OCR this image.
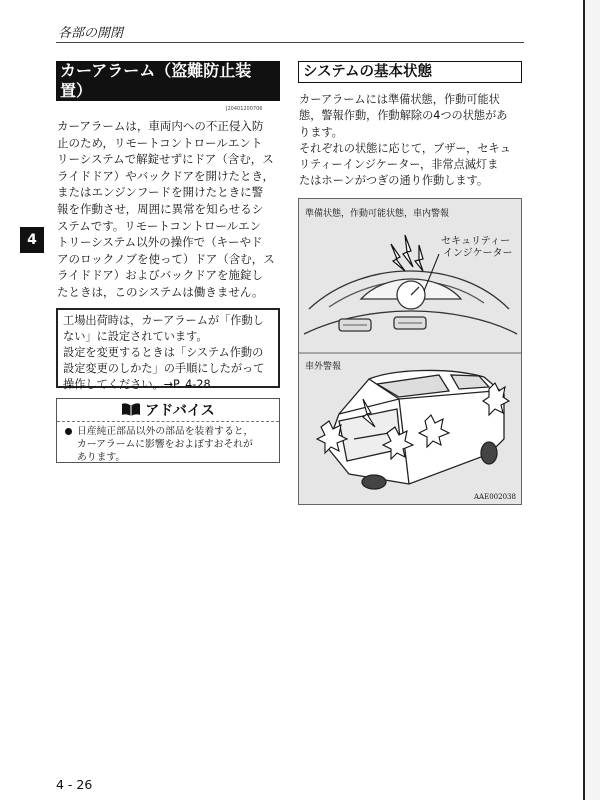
各部の開閉
4
カーアラーム（盗難防止装
置）
J20401200706
カーアラームは，車両内への不正侵入防
止のため，リモートコントロールエント
リーシステムで解錠せずにドア（含む，ス
ライドドア）やバックドアを開けたとき，
またはエンジンフードを開けたときに警
報を作動させ，周囲に異常を知らせるシ
ステムです。リモートコントロールエン
トリーシステム以外の操作で（キーやド
アのロックノブを使って）ドア（含む，ス
ライドドア）およびバックドアを施錠し
たときは，このシステムは働きません。
工場出荷時は，カーアラームが「作動し
ない」に設定されています。
設定を変更するときは「システム作動の
設定変更のしかた」の手順にしたがって
操作してください。→P. 4-28
アドバイス
日産純正部品以外の部品を装着すると，
カーアラームに影響をおよぼすおそれが
あります。
システムの基本状態
カーアラームには準備状態，作動可能状
態，警報作動，作動解除の4つの状態があ
ります。
それぞれの状態に応じて，ブザー，セキュ
リティーインジケーター，非常点滅灯ま
たはホーンがつぎの通り作動します。
準備状態，作動可能状態，車内警報
セキュリティー
インジケーター
車外警報
AAE002038
4 - 26
